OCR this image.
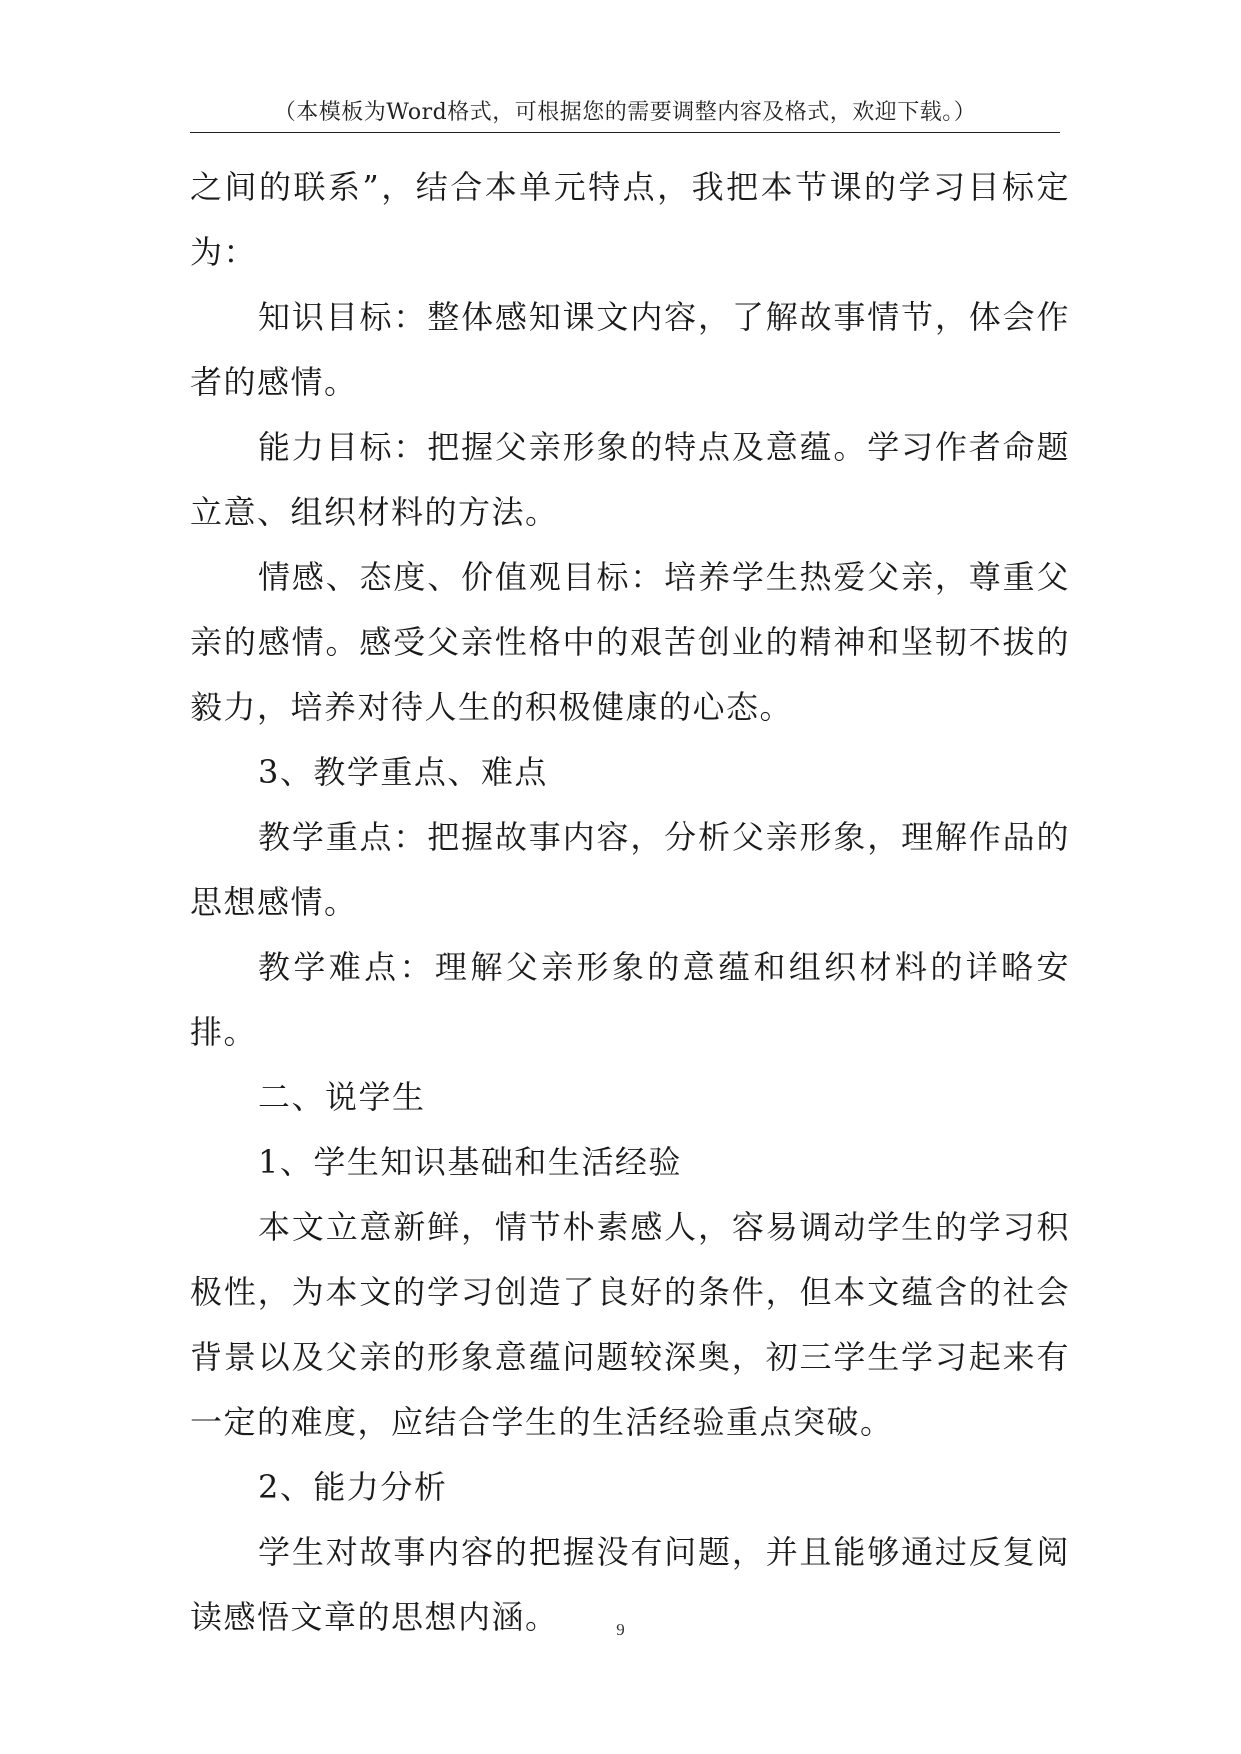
（本模板为Word格式，可根据您的需要调整内容及格式，欢迎下载。）

之间的联系”，结合本单元特点，我把本节课的学习目标定为：

知识目标：整体感知课文内容，了解故事情节，体会作者的感情。

能力目标：把握父亲形象的特点及意蕴。学习作者命题立意、组织材料的方法。

情感、态度、价值观目标：培养学生热爱父亲，尊重父亲的感情。感受父亲性格中的艰苦创业的精神和坚韧不拔的毅力，培养对待人生的积极健康的心态。

3、教学重点、难点

教学重点：把握故事内容，分析父亲形象，理解作品的思想感情。

教学难点：理解父亲形象的意蕴和组织材料的详略安排。

二、说学生

1、学生知识基础和生活经验

本文立意新鲜，情节朴素感人，容易调动学生的学习积极性，为本文的学习创造了良好的条件，但本文蕴含的社会背景以及父亲的形象意蕴问题较深奥，初三学生学习起来有一定的难度，应结合学生的生活经验重点突破。

2、能力分析

学生对故事内容的把握没有问题，并且能够通过反复阅读感悟文章的思想内涵。	9
